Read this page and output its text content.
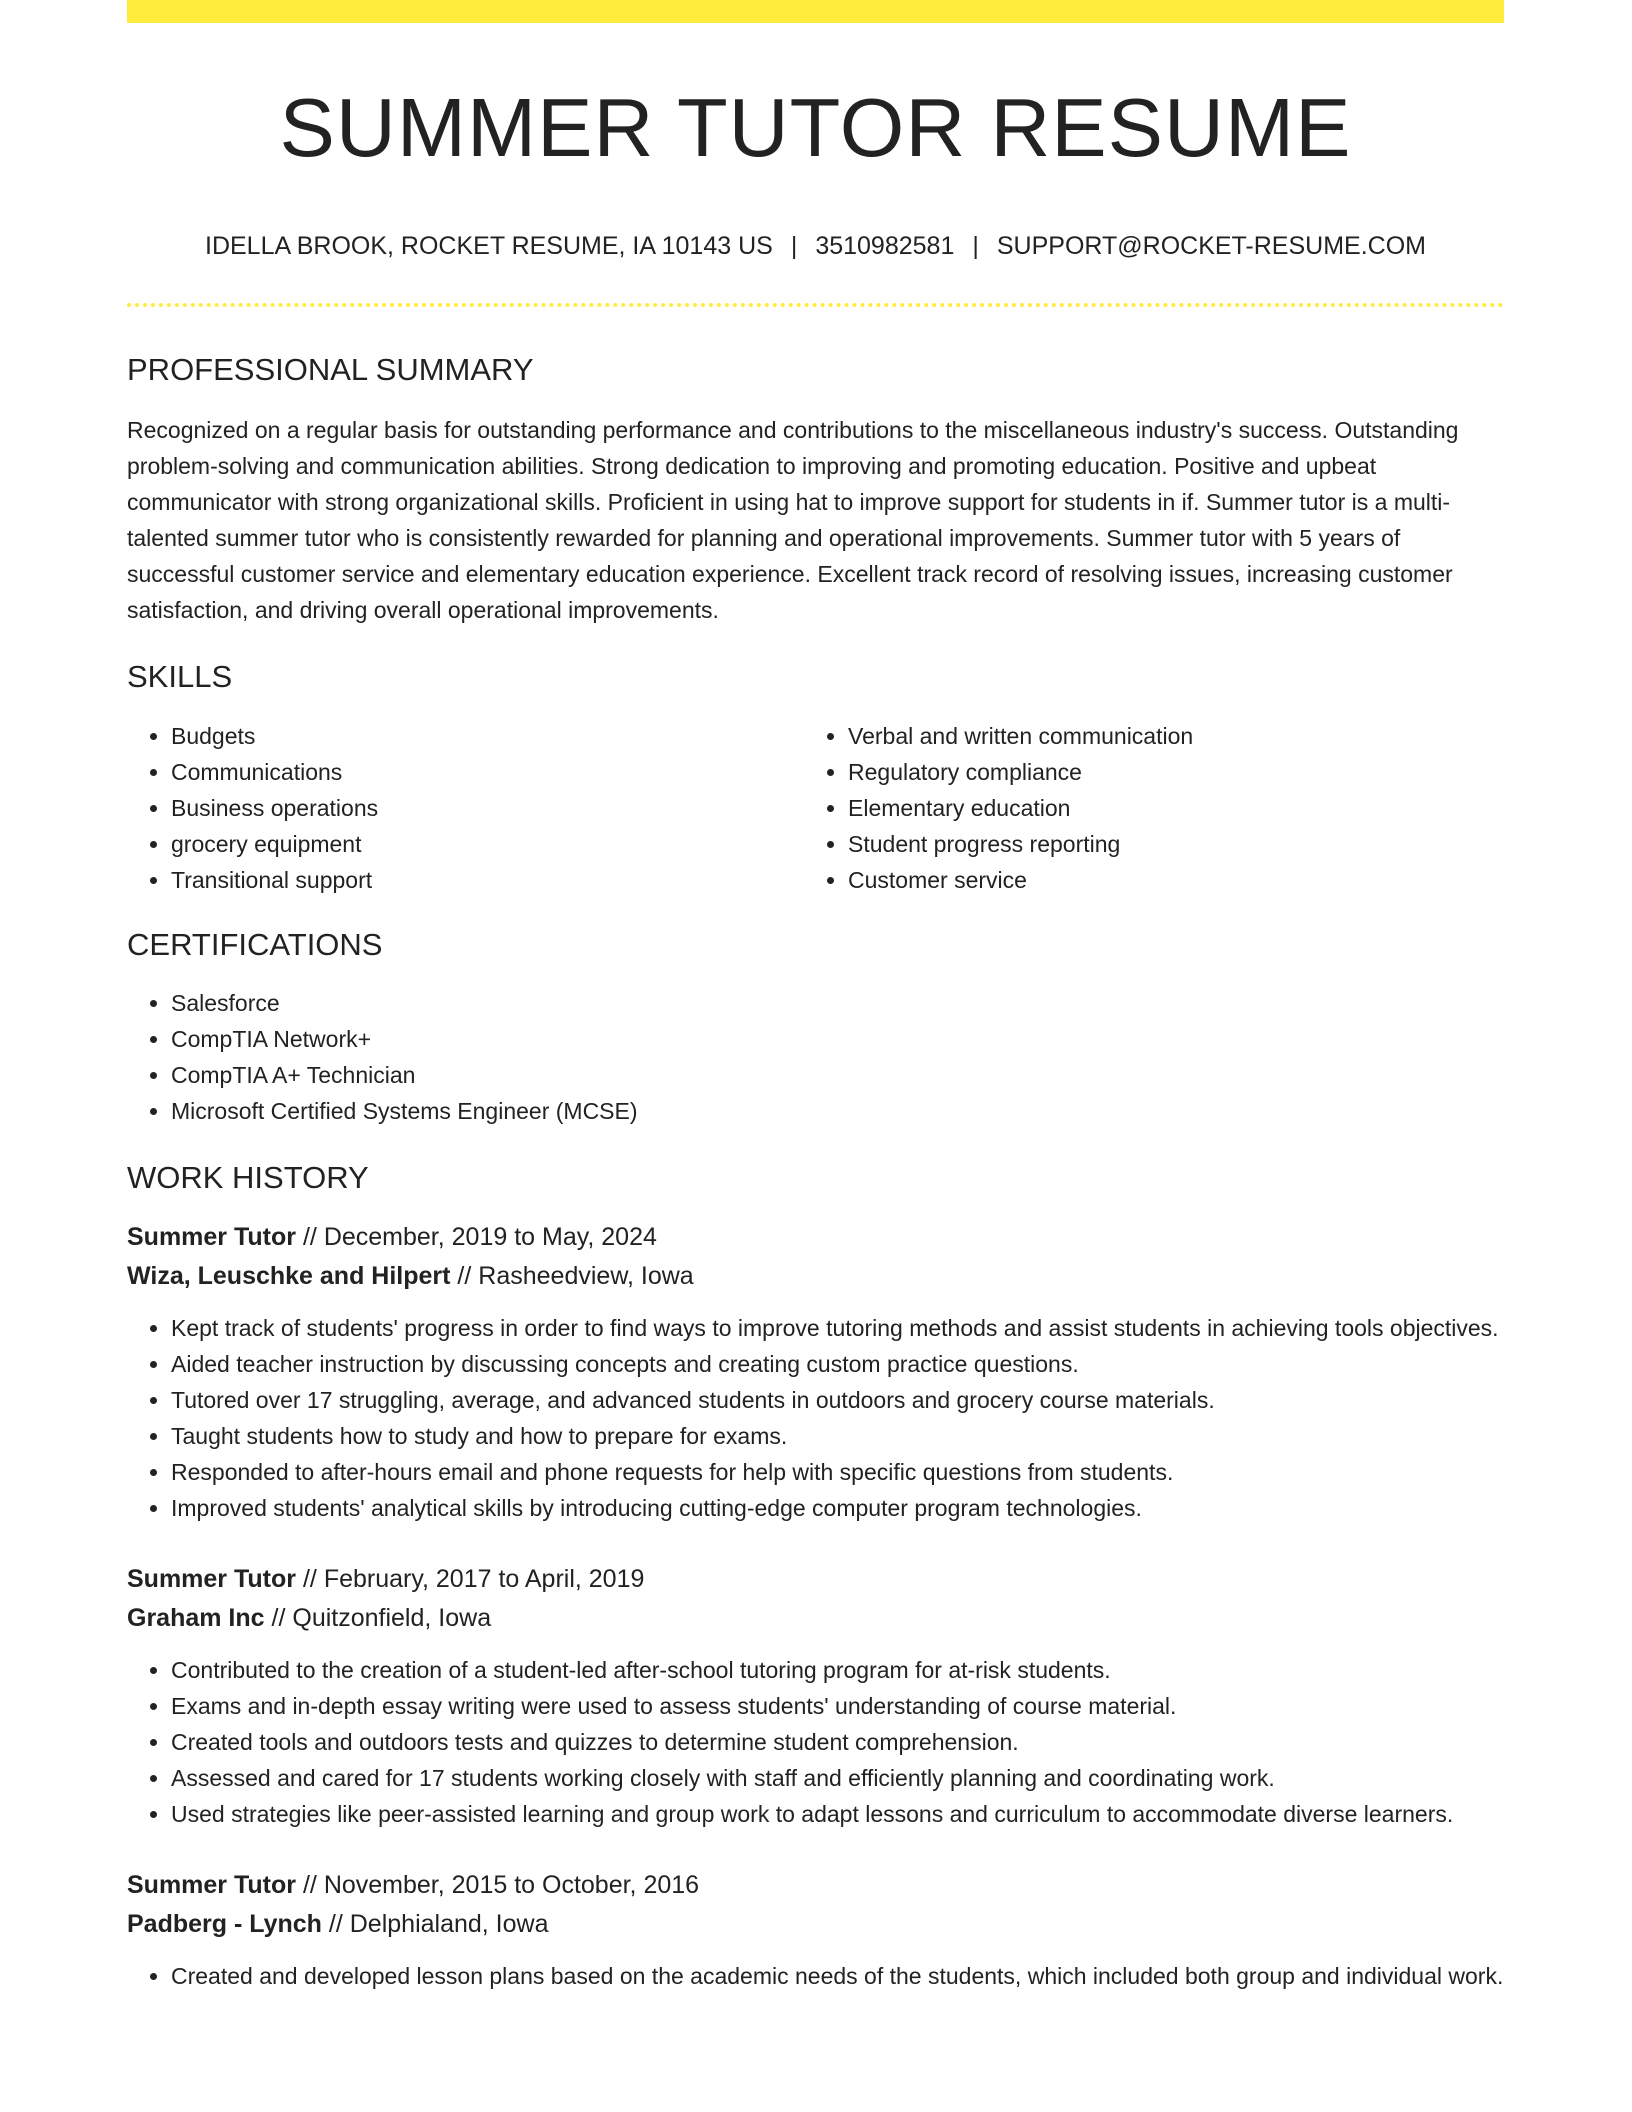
SUMMER TUTOR RESUME
IDELLA BROOK, ROCKET RESUME, IA 10143 US | 3510982581 | SUPPORT@ROCKET-RESUME.COM
PROFESSIONAL SUMMARY

Recognized on a regular basis for outstanding performance and contributions to the miscellaneous industry's success. Outstanding problem-solving and communication abilities. Strong dedication to improving and promoting education. Positive and upbeat communicator with strong organizational skills. Proficient in using hat to improve support for students in if. Summer tutor is a multi-talented summer tutor who is consistently rewarded for planning and operational improvements. Summer tutor with 5 years of successful customer service and elementary education experience. Excellent track record of resolving issues, increasing customer satisfaction, and driving overall operational improvements.

SKILLS
• Budgets
• Communications
• Business operations
• grocery equipment
• Transitional support
• Verbal and written communication
• Regulatory compliance
• Elementary education
• Student progress reporting
• Customer service
CERTIFICATIONS
• Salesforce
• CompTIA Network+
• CompTIA A+ Technician
• Microsoft Certified Systems Engineer (MCSE)
WORK HISTORY
Summer Tutor // December, 2019 to May, 2024
Wiza, Leuschke and Hilpert // Rasheedview, Iowa
• Kept track of students' progress in order to find ways to improve tutoring methods and assist students in achieving tools objectives.
• Aided teacher instruction by discussing concepts and creating custom practice questions.
• Tutored over 17 struggling, average, and advanced students in outdoors and grocery course materials.
• Taught students how to study and how to prepare for exams.
• Responded to after-hours email and phone requests for help with specific questions from students.
• Improved students' analytical skills by introducing cutting-edge computer program technologies.
Summer Tutor // February, 2017 to April, 2019
Graham Inc // Quitzonfield, Iowa
• Contributed to the creation of a student-led after-school tutoring program for at-risk students.
• Exams and in-depth essay writing were used to assess students' understanding of course material.
• Created tools and outdoors tests and quizzes to determine student comprehension.
• Assessed and cared for 17 students working closely with staff and efficiently planning and coordinating work.
• Used strategies like peer-assisted learning and group work to adapt lessons and curriculum to accommodate diverse learners.
Summer Tutor // November, 2015 to October, 2016
Padberg - Lynch // Delphialand, Iowa
• Created and developed lesson plans based on the academic needs of the students, which included both group and individual work.
